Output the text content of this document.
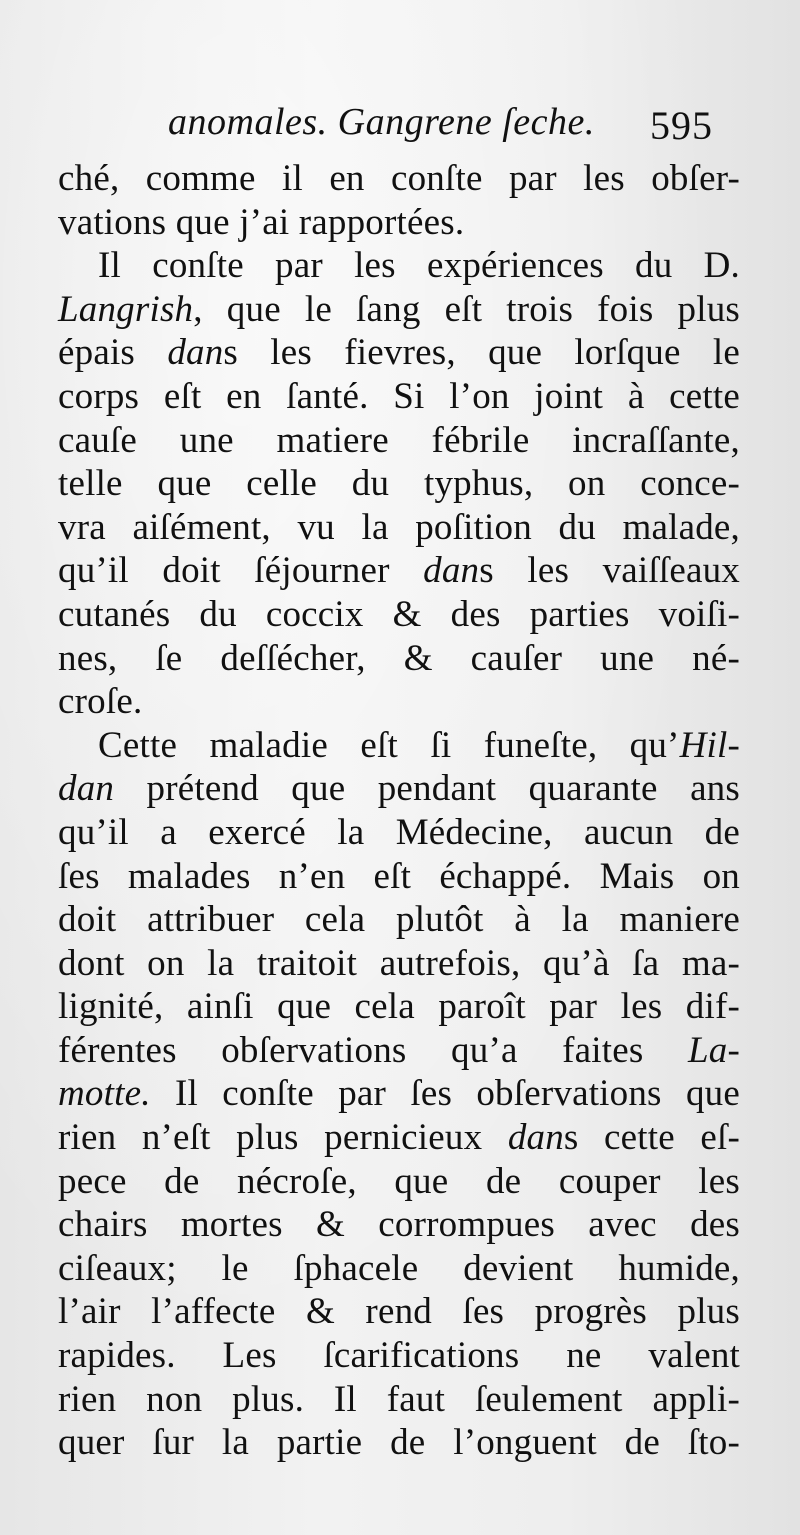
anomales. Gangrene ſeche. 595
ché, comme il en conſte par les obſer-
vations que j’ai rapportées.
Il conſte par les expériences du D.
Langrish, que le ſang eſt trois fois plus
épais dans les fievres, que lorſque le
corps eſt en ſanté. Si l’on joint à cette
cauſe une matiere fébrile incraſſante,
telle que celle du typhus, on conce-
vra aiſément, vu la poſition du malade,
qu’il doit ſéjourner dans les vaiſſeaux
cutanés du coccix & des parties voiſi-
nes, ſe deſſécher, & cauſer une né-
croſe.
Cette maladie eſt ſi funeſte, qu’Hil-
dan prétend que pendant quarante ans
qu’il a exercé la Médecine, aucun de
ſes malades n’en eſt échappé. Mais on
doit attribuer cela plutôt à la maniere
dont on la traitoit autrefois, qu’à ſa ma-
lignité, ainſi que cela paroît par les dif-
férentes obſervations qu’a faites La-
motte. Il conſte par ſes obſervations que
rien n’eſt plus pernicieux dans cette eſ-
pece de nécroſe, que de couper les
chairs mortes & corrompues avec des
ciſeaux; le ſphacele devient humide,
l’air l’affecte & rend ſes progrès plus
rapides. Les ſcarifications ne valent
rien non plus. Il faut ſeulement appli-
quer ſur la partie de l’onguent de ſto-
